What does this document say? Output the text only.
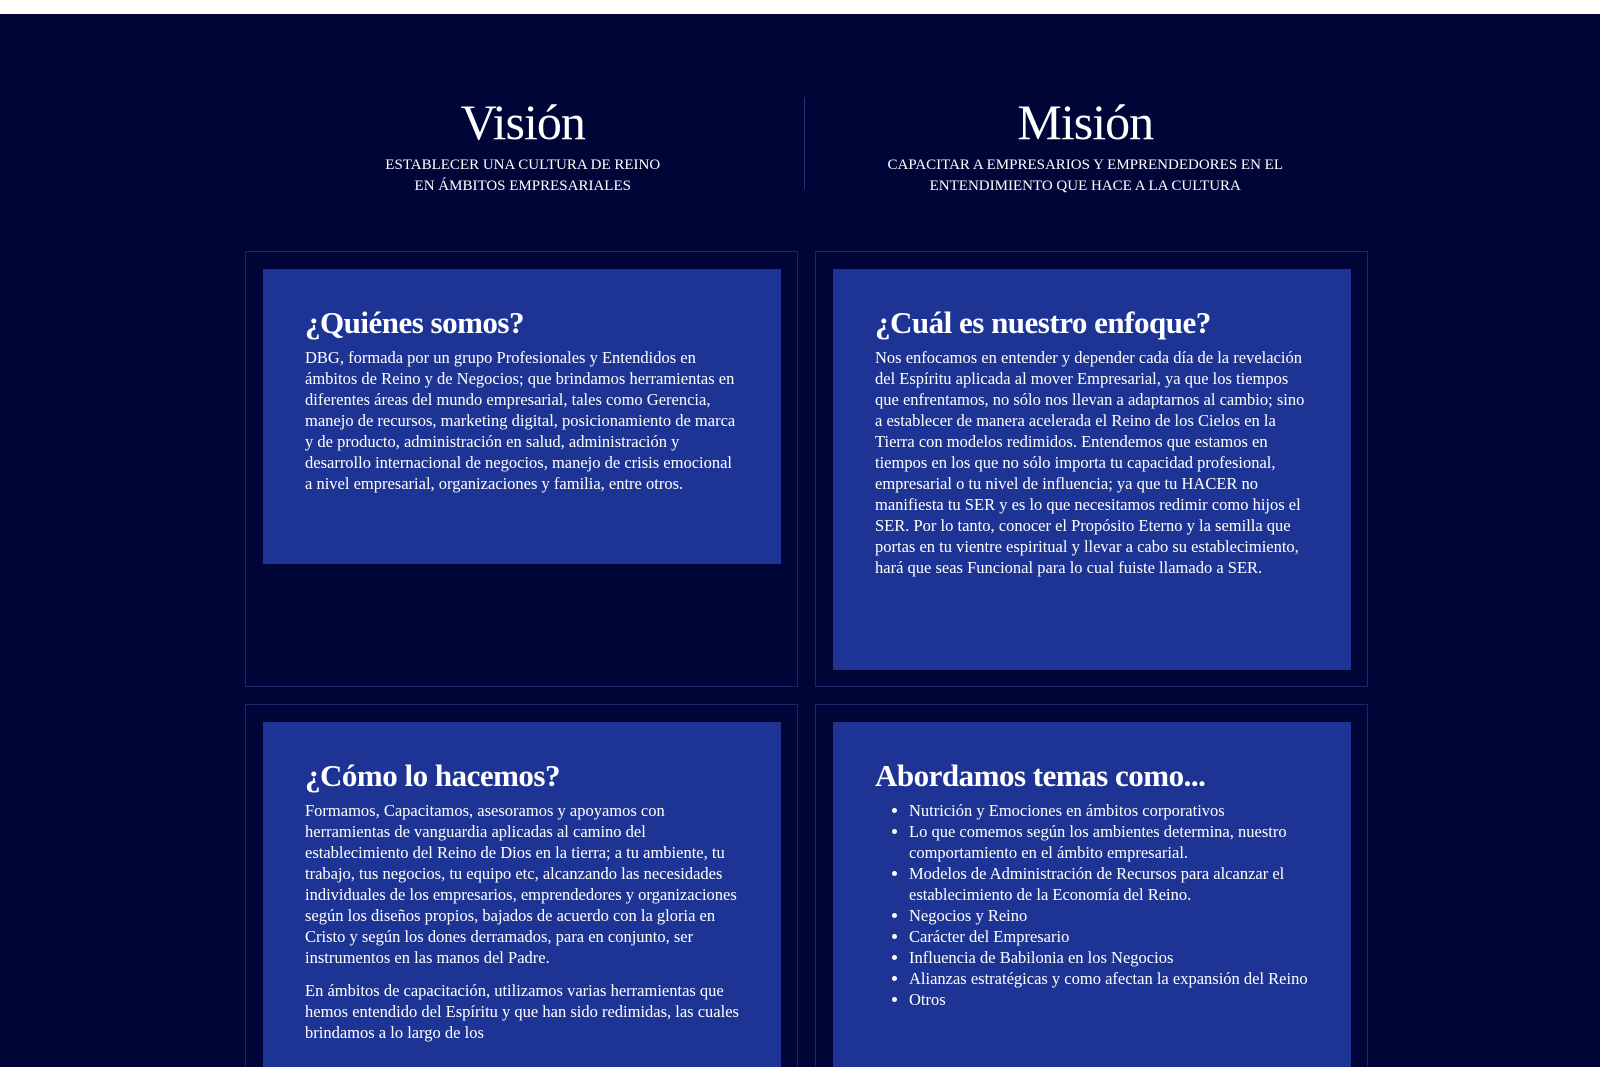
Visión
ESTABLECER UNA CULTURA DE REINO
EN ÁMBITOS EMPRESARIALES
Misión
CAPACITAR A EMPRESARIOS Y EMPRENDEDORES EN EL
ENTENDIMIENTO QUE HACE A LA CULTURA
¿Quiénes somos?

DBG, formada por un grupo Profesionales y Entendidos en ámbitos de Reino y de Negocios; que brindamos herramientas en diferentes áreas del mundo empresarial, tales como Gerencia, manejo de recursos, marketing digital, posicionamiento de marca y de producto, administración en salud, administración y desarrollo internacional de negocios, manejo de crisis emocional a nivel empresarial, organizaciones y familia, entre otros.

¿Cuál es nuestro enfoque?

Nos enfocamos en entender y depender cada día de la revelación del Espíritu aplicada al mover Empresarial, ya que los tiempos que enfrentamos, no sólo nos llevan a adaptarnos al cambio; sino a establecer de manera acelerada el Reino de los Cielos en la Tierra con modelos redimidos. Entendemos que estamos en tiempos en los que no sólo importa tu capacidad profesional, empresarial o tu nivel de influencia; ya que tu HACER no manifiesta tu SER y es lo que necesitamos redimir como hijos el SER. Por lo tanto, conocer el Propósito Eterno y la semilla que portas en tu vientre espiritual y llevar a cabo su establecimiento, hará que seas Funcional para lo cual fuiste llamado a SER.

¿Cómo lo hacemos?

Formamos, Capacitamos, asesoramos y apoyamos con herramientas de vanguardia aplicadas al camino del establecimiento del Reino de Dios en la tierra; a tu ambiente, tu trabajo, tus negocios, tu equipo etc, alcanzando las necesidades individuales de los empresarios, emprendedores y organizaciones según los diseños propios, bajados de acuerdo con la gloria en Cristo y según los dones derramados, para en conjunto, ser instrumentos en las manos del Padre.

En ámbitos de capacitación, utilizamos varias herramientas que hemos entendido del Espíritu y que han sido redimidas, las cuales brindamos a lo largo de los

Abordamos temas como...
• Nutrición y Emociones en ámbitos corporativos
• Lo que comemos según los ambientes determina, nuestro comportamiento en el ámbito empresarial.
• Modelos de Administración de Recursos para alcanzar el establecimiento de la Economía del Reino.
• Negocios y Reino
• Carácter del Empresario
• Influencia de Babilonia en los Negocios
• Alianzas estratégicas y como afectan la expansión del Reino
• Otros
